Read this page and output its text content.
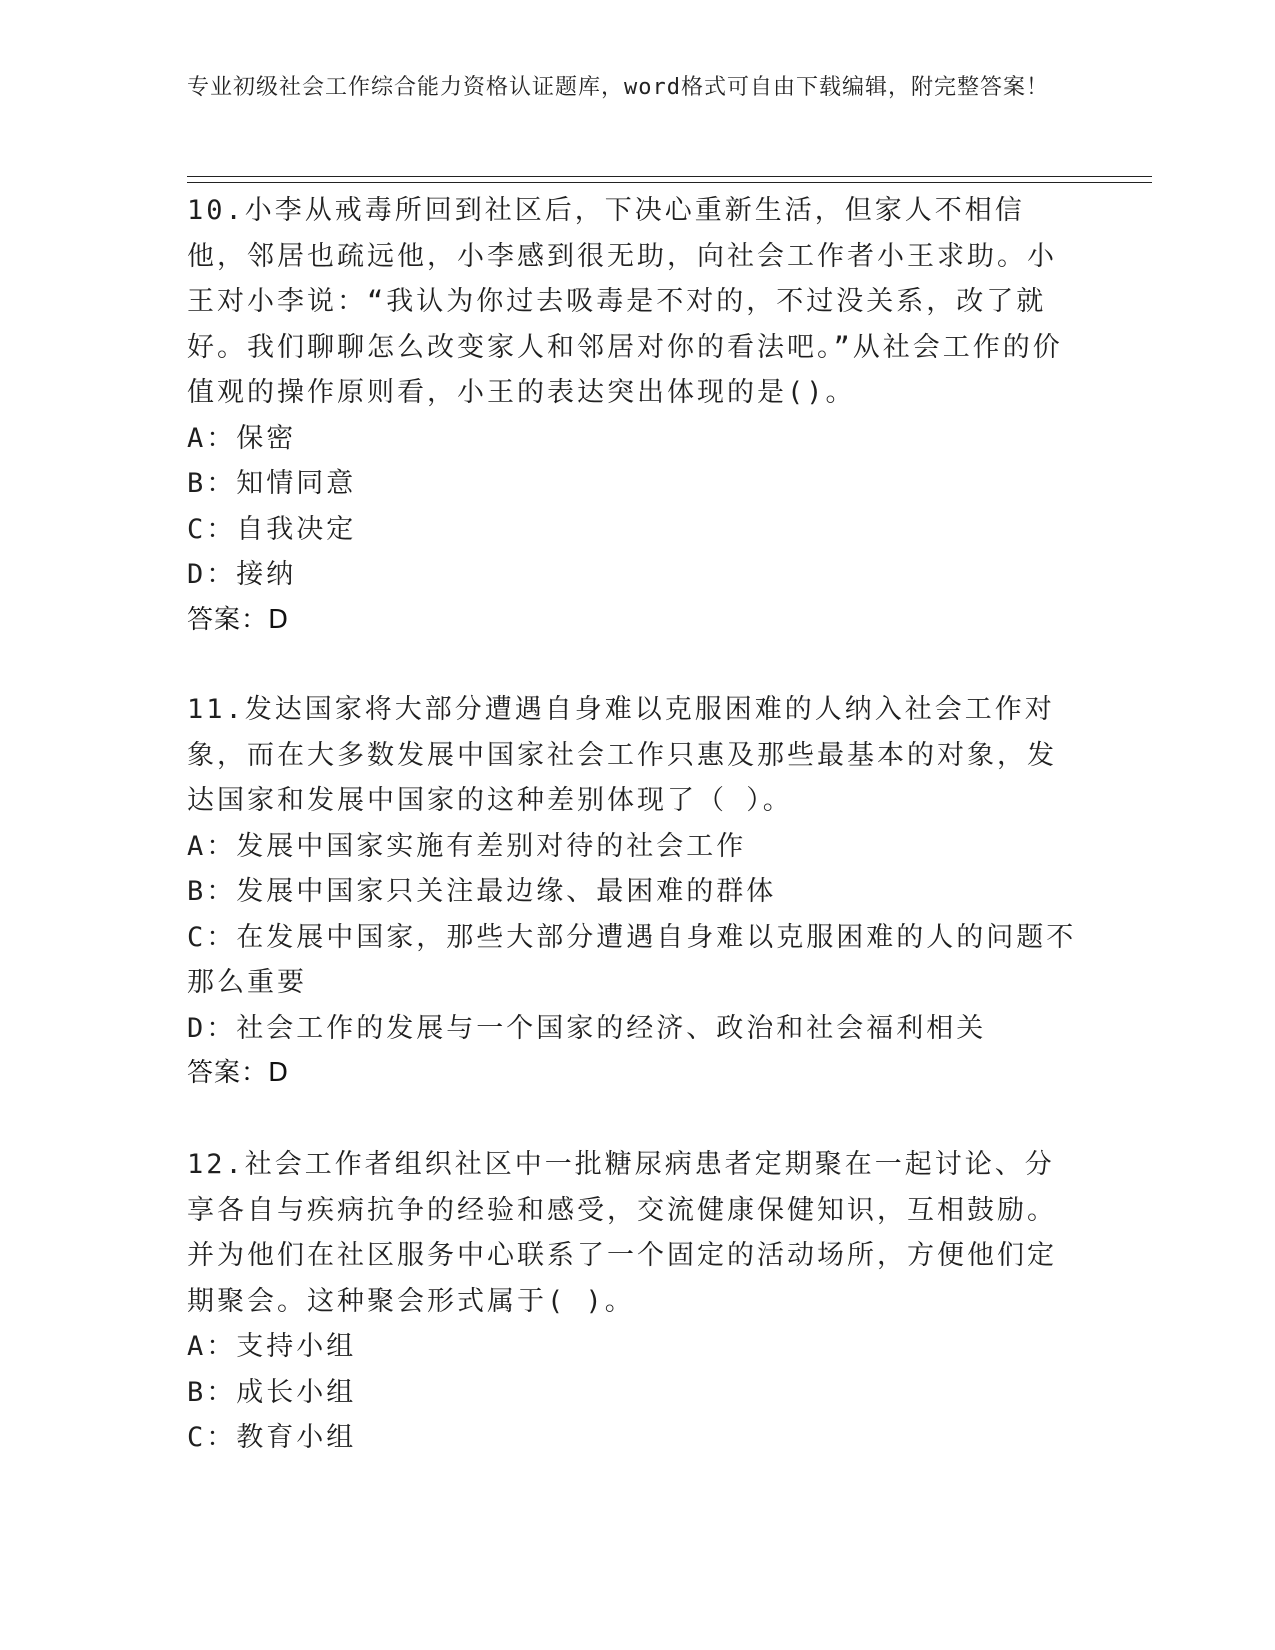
专业初级社会工作综合能力资格认证题库，word格式可自由下载编辑，附完整答案！

10.小李从戒毒所回到社区后，下决心重新生活，但家人不相信他，邻居也疏远他，小李感到很无助，向社会工作者小王求助。小王对小李说：“我认为你过去吸毒是不对的，不过没关系，改了就好。我们聊聊怎么改变家人和邻居对你的看法吧。”从社会工作的价值观的操作原则看，小王的表达突出体现的是()。

A：保密

B：知情同意

C：自我决定

D：接纳

答案：D

11.发达国家将大部分遭遇自身难以克服困难的人纳入社会工作对象，而在大多数发展中国家社会工作只惠及那些最基本的对象，发达国家和发展中国家的这种差别体现了（ ）。

A：发展中国家实施有差别对待的社会工作

B：发展中国家只关注最边缘、最困难的群体

C：在发展中国家，那些大部分遭遇自身难以克服困难的人的问题不那么重要

D：社会工作的发展与一个国家的经济、政治和社会福利相关

答案：D

12.社会工作者组织社区中一批糖尿病患者定期聚在一起讨论、分享各自与疾病抗争的经验和感受，交流健康保健知识，互相鼓励。并为他们在社区服务中心联系了一个固定的活动场所，方便他们定期聚会。这种聚会形式属于( )。

A：支持小组

B：成长小组

C：教育小组
